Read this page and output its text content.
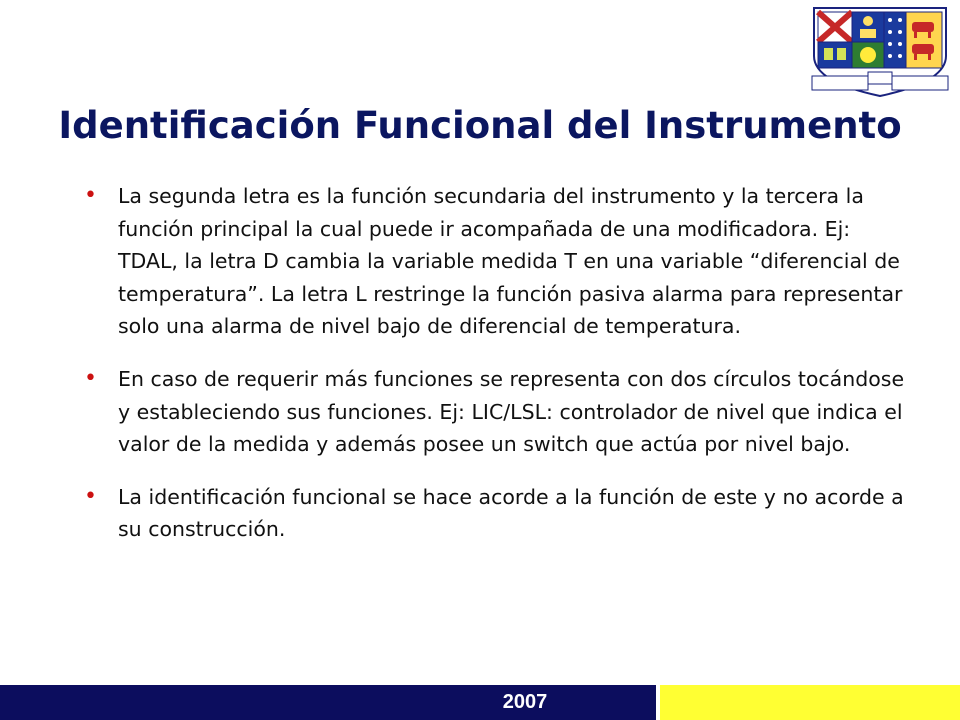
Identificación Funcional del Instrumento
• La segunda letra es la función secundaria del instrumento y la tercera la función principal la cual puede ir acompañada de una modificadora. Ej: TDAL, la letra D cambia la variable medida T en una variable “diferencial de temperatura”. La letra L restringe la función pasiva alarma para representar solo una alarma de nivel bajo de diferencial de temperatura.
• En caso de requerir más funciones se representa con dos círculos tocándose y estableciendo sus funciones. Ej: LIC/LSL: controlador de nivel que indica el valor de la medida y además posee un switch que actúa por nivel bajo.
• La identificación funcional se hace acorde a la función de este y no acorde a su construcción.
2007
